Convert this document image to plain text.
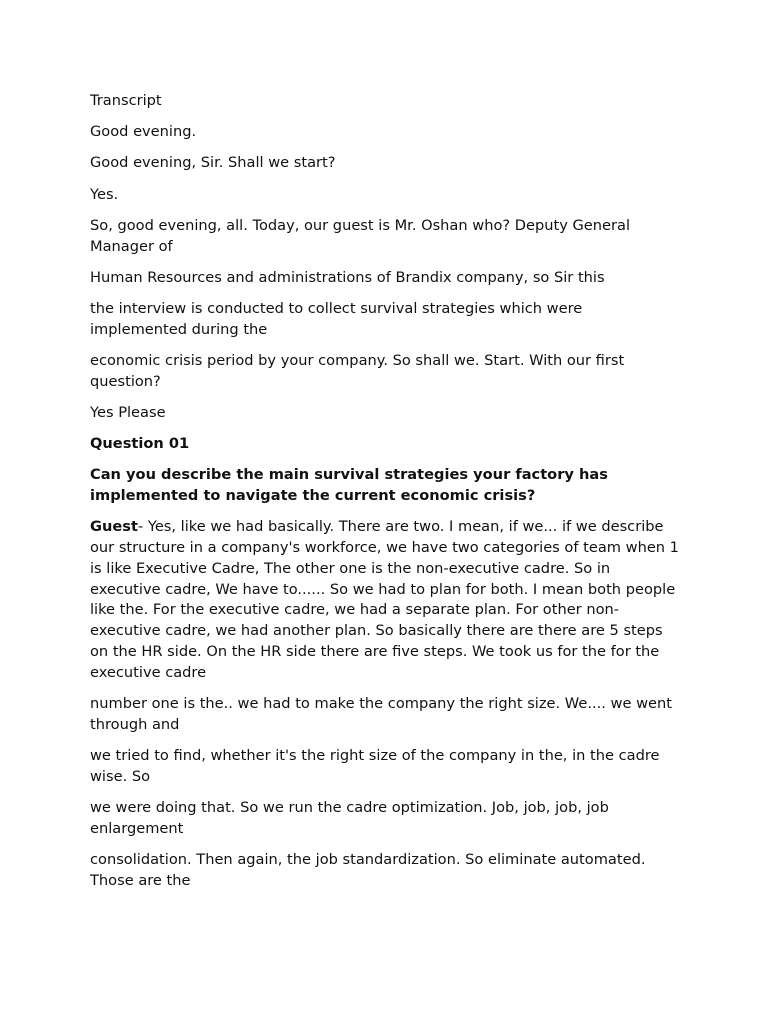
Transcript

Good evening.

Good evening, Sir. Shall we start?

Yes.

So, good evening, all. Today, our guest is Mr. Oshan who? Deputy General Manager of

Human Resources and administrations of Brandix company, so Sir this

the interview is conducted to collect survival strategies which were implemented during the

economic crisis period by your company. So shall we. Start. With our first question?

Yes Please

Question 01

Can you describe the main survival strategies your factory has implemented to navigate the current economic crisis?

Guest- Yes, like we had basically. There are two. I mean, if we... if we describe our structure in a company's workforce, we have two categories of team when 1 is like Executive Cadre, The other one is the non-executive cadre. So in executive cadre, We have to...... So we had to plan for both. I mean both people like the. For the executive cadre, we had a separate plan. For other non-executive cadre, we had another plan. So basically there are there are 5 steps on the HR side. On the HR side there are five steps. We took us for the for the executive cadre

number one is the.. we had to make the company the right size. We.... we went through and

we tried to find, whether it's the right size of the company in the, in the cadre wise. So

we were doing that. So we run the cadre optimization. Job, job, job, job enlargement

consolidation. Then again, the job standardization. So eliminate automated. Those are the
